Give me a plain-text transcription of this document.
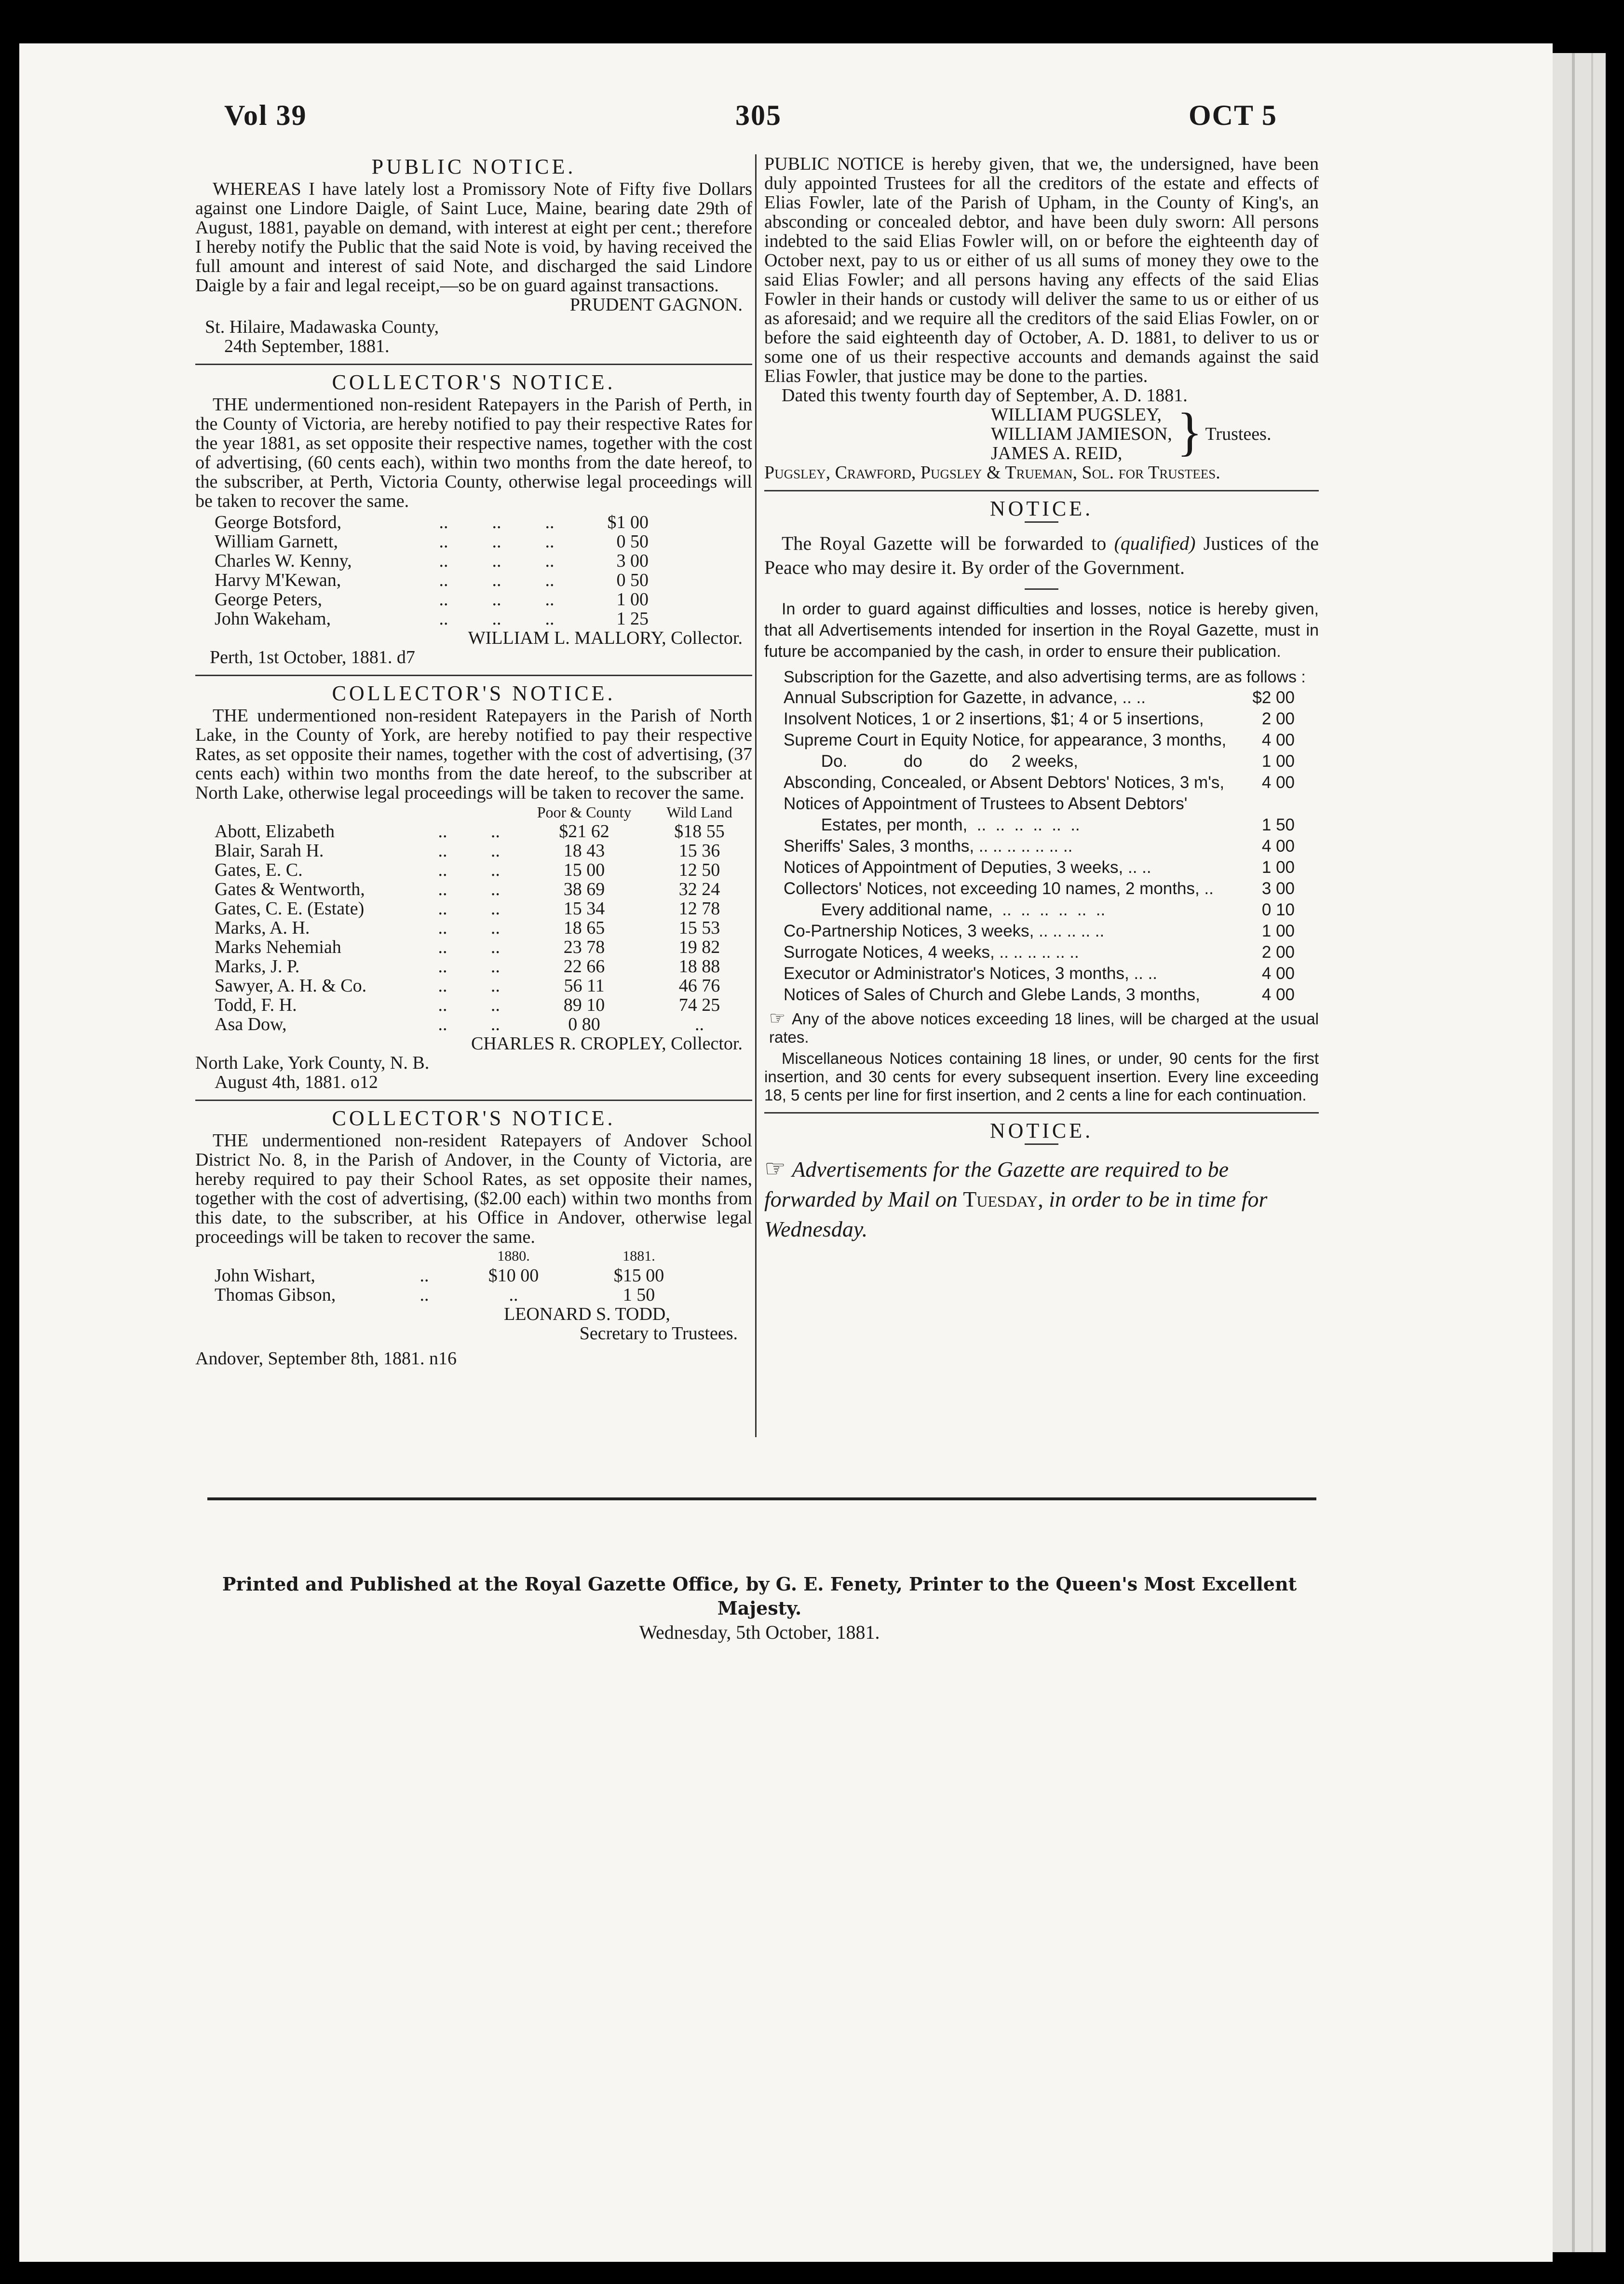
Vol 39	305	OCT 5
PUBLIC NOTICE.

WHEREAS I have lately lost a Promissory Note of Fifty five Dollars against one Lindore Daigle, of Saint Luce, Maine, bearing date 29th of August, 1881, payable on demand, with interest at eight per cent.; therefore I hereby notify the Public that the said Note is void, by having received the full amount and interest of said Note, and discharged the said Lindore Daigle by a fair and legal receipt,—so be on guard against transactions.

PRUDENT GAGNON.

St. Hilaire, Madawaska County,

24th September, 1881.

COLLECTOR'S NOTICE.

THE undermentioned non-resident Ratepayers in the Parish of Perth, in the County of Victoria, are hereby notified to pay their respective Rates for the year 1881, as set opposite their respective names, together with the cost of advertising, (60 cents each), within two months from the date hereof, to the subscriber, at Perth, Victoria County, otherwise legal proceedings will be taken to recover the same.

George Botsford,	..	..	..	$1 00
William Garnett,	..	..	..	0 50
Charles W. Kenny,	..	..	..	3 00
Harvy M'Kewan,	..	..	..	0 50
George Peters,	..	..	..	1 00
John Wakeham,	..	..	..	1 25

WILLIAM L. MALLORY, Collector.

Perth, 1st October, 1881. d7

COLLECTOR'S NOTICE.

THE undermentioned non-resident Ratepayers in the Parish of North Lake, in the County of York, are hereby notified to pay their respective Rates, as set opposite their names, together with the cost of advertising, (37 cents each) within two months from the date hereof, to the subscriber at North Lake, otherwise legal proceedings will be taken to recover the same.

			Poor & County	Wild Land
Abott, Elizabeth	..	..	$21 62	$18 55
Blair, Sarah H.	..	..	18 43	15 36
Gates, E. C.	..	..	15 00	12 50
Gates & Wentworth,	..	..	38 69	32 24
Gates, C. E. (Estate)	..	..	15 34	12 78
Marks, A. H.	..	..	18 65	15 53
Marks Nehemiah	..	..	23 78	19 82
Marks, J. P.	..	..	22 66	18 88
Sawyer, A. H. & Co.	..	..	56 11	46 76
Todd, F. H.	..	..	89 10	74 25
Asa Dow,	..	..	0 80	..

CHARLES R. CROPLEY, Collector.

North Lake, York County, N. B.

August 4th, 1881. o12

COLLECTOR'S NOTICE.

THE undermentioned non-resident Ratepayers of Andover School District No. 8, in the Parish of Andover, in the County of Victoria, are hereby required to pay their School Rates, as set opposite their names, together with the cost of advertising, ($2.00 each) within two months from this date, to the subscriber, at his Office in Andover, otherwise legal proceedings will be taken to recover the same.

		1880.	1881.
John Wishart,	..	$10 00	$15 00
Thomas Gibson,	..	..	1 50

LEONARD S. TODD,

Secretary to Trustees.

Andover, September 8th, 1881. n16

PUBLIC NOTICE is hereby given, that we, the undersigned, have been duly appointed Trustees for all the creditors of the estate and effects of Elias Fowler, late of the Parish of Upham, in the County of King's, an absconding or concealed debtor, and have been duly sworn: All persons indebted to the said Elias Fowler will, on or before the eighteenth day of October next, pay to us or either of us all sums of money they owe to the said Elias Fowler; and all persons having any effects of the said Elias Fowler in their hands or custody will deliver the same to us or either of us as aforesaid; and we require all the creditors of the said Elias Fowler, on or before the said eighteenth day of October, A. D. 1881, to deliver to us or some one of us their respective accounts and demands against the said Elias Fowler, that justice may be done to the parties.

Dated this twenty fourth day of September, A. D. 1881.

WILLIAM PUGSLEY,

WILLIAM JAMIESON,

JAMES A. REID,	} Trustees.

Pugsley, Crawford, Pugsley & Trueman, Sol. for Trustees.

NOTICE.

The Royal Gazette will be forwarded to (qualified) Justices of the Peace who may desire it. By order of the Government.

In order to guard against difficulties and losses, notice is hereby given, that all Advertisements intended for insertion in the Royal Gazette, must in future be accompanied by the cash, in order to ensure their publication.

Subscription for the Gazette, and also advertising terms, are as follows :

Annual Subscription for Gazette, in advance, .. ..	$2 00
Insolvent Notices, 1 or 2 insertions, $1; 4 or 5 insertions,	2 00
Supreme Court in Equity Notice, for appearance, 3 months,	4 00
Do.            do          do     2 weeks,	1 00
Absconding, Concealed, or Absent Debtors' Notices, 3 m's,	4 00
Notices of Appointment of Trustees to Absent Debtors'	
Estates, per month,  ..  ..  ..  ..  ..  ..	1 50
Sheriffs' Sales, 3 months, .. .. .. .. .. .. ..	4 00
Notices of Appointment of Deputies, 3 weeks, .. ..	1 00
Collectors' Notices, not exceeding 10 names, 2 months, ..	3 00
Every additional name,  ..  ..  ..  ..  ..  ..	0 10
Co-Partnership Notices, 3 weeks, .. .. .. .. ..	1 00
Surrogate Notices, 4 weeks, .. .. .. .. .. ..	2 00
Executor or Administrator's Notices, 3 months, .. ..	4 00
Notices of Sales of Church and Glebe Lands, 3 months,	4 00

☞ Any of the above notices exceeding 18 lines, will be charged at the usual rates.

Miscellaneous Notices containing 18 lines, or under, 90 cents for the first insertion, and 30 cents for every subsequent insertion. Every line exceeding 18, 5 cents per line for first insertion, and 2 cents a line for each continuation.

NOTICE.

☞ Advertisements for the Gazette are required to be forwarded by Mail on Tuesday, in order to be in time for Wednesday.

Printed and Published at the Royal Gazette Office, by G. E. Fenety, Printer to the Queen's Most Excellent Majesty.

Wednesday, 5th October, 1881.
